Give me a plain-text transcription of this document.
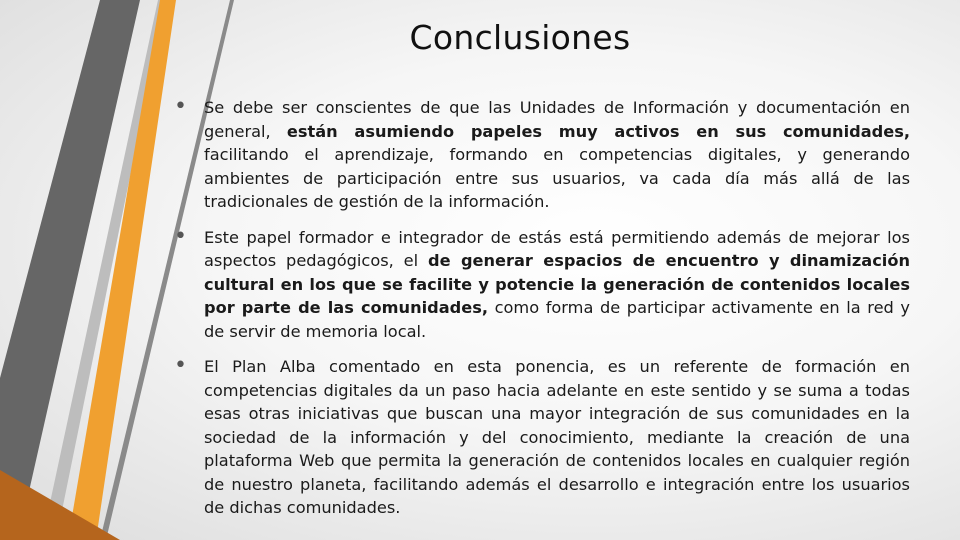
Conclusiones
• Se debe ser conscientes de que las Unidades de Información y documentación en general, están asumiendo papeles muy activos en sus comunidades, facilitando el aprendizaje, formando en competencias digitales, y generando ambientes de participación entre sus usuarios, va cada día más allá de las tradicionales de gestión de la información.
• Este papel formador e integrador de estás está permitiendo además de mejorar los aspectos pedagógicos, el de generar espacios de encuentro y dinamización cultural en los que se facilite y potencie la generación de contenidos locales por parte de las comunidades, como forma de participar activamente en la red y de servir de memoria local.
• El Plan Alba comentado en esta ponencia, es un referente de formación en competencias digitales da un paso hacia adelante en este sentido y se suma a todas esas otras iniciativas que buscan una mayor integración de sus comunidades en la sociedad de la información y del conocimiento, mediante la creación de una plataforma Web que permita la generación de contenidos locales en cualquier región de nuestro planeta, facilitando además el desarrollo e integración entre los usuarios de dichas comunidades.
